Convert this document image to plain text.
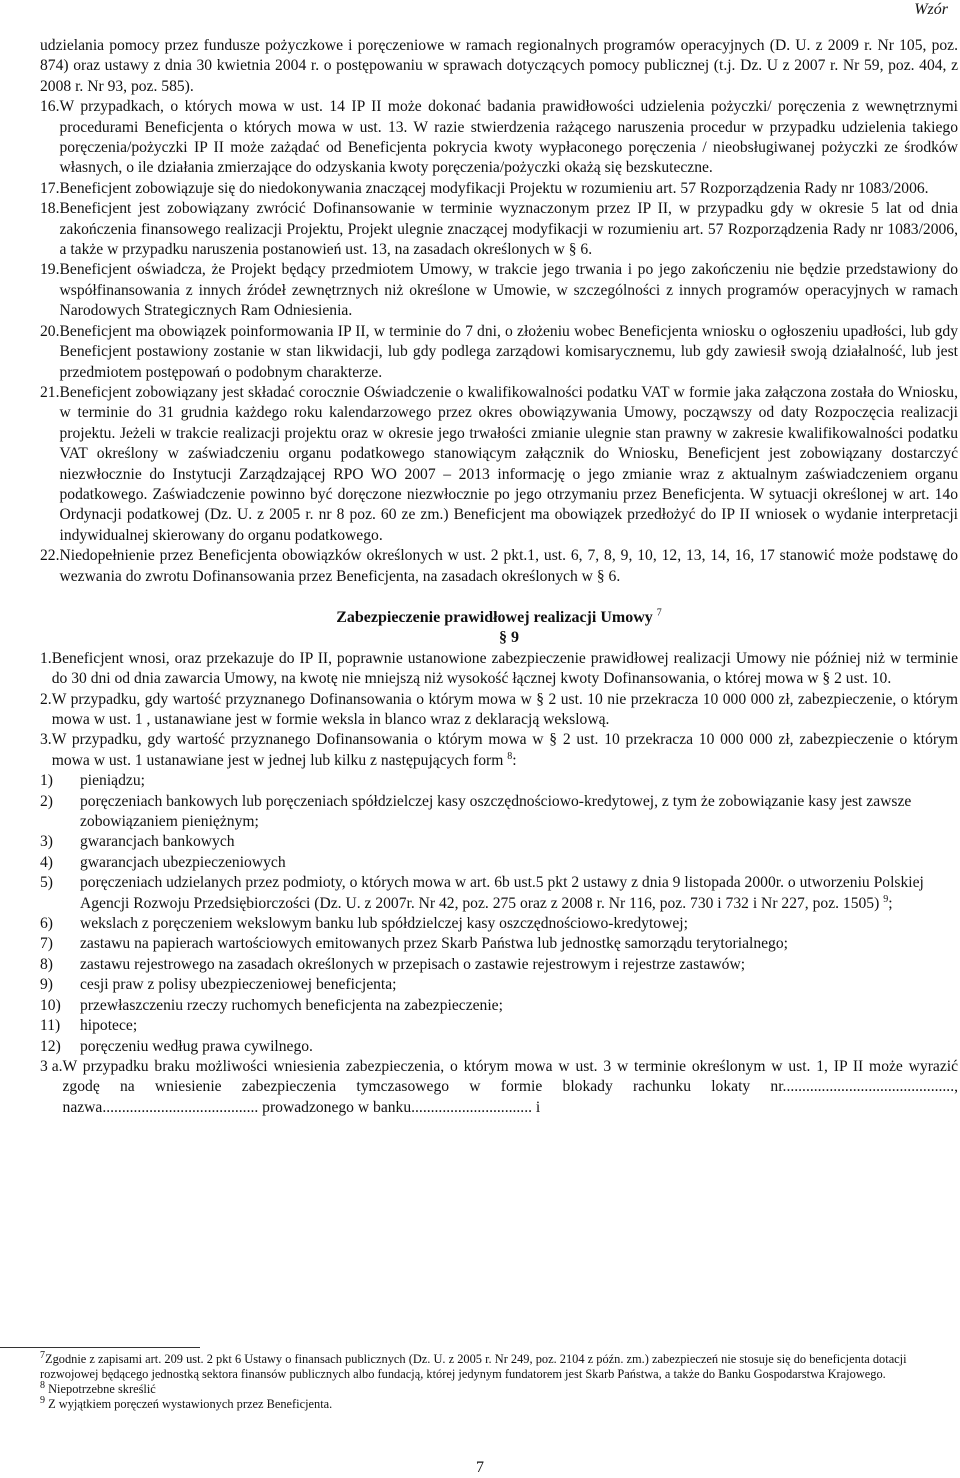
Wzór

udzielania pomocy przez fundusze pożyczkowe i poręczeniowe w ramach regionalnych programów operacyjnych (D. U. z 2009 r. Nr 105, poz. 874) oraz ustawy z dnia 30 kwietnia 2004 r. o postępowaniu w sprawach dotyczących pomocy publicznej (t.j. Dz. U z 2007 r. Nr 59, poz. 404, z 2008 r. Nr 93, poz. 585).

16. W przypadkach, o których mowa w ust. 14 IP II może dokonać badania prawidłowości udzielenia pożyczki/ poręczenia z wewnętrznymi procedurami Beneficjenta o których mowa w ust. 13. W razie stwierdzenia rażącego naruszenia procedur w przypadku udzielenia takiego poręczenia/pożyczki IP II może zażądać od Beneficjenta pokrycia kwoty wypłaconego poręczenia / nieobsługiwanej pożyczki ze środków własnych, o ile działania zmierzające do odzyskania kwoty poręczenia/pożyczki okażą się bezskuteczne.
17. Beneficjent zobowiązuje się do niedokonywania znaczącej modyfikacji Projektu w rozumieniu art. 57 Rozporządzenia Rady nr 1083/2006.
18. Beneficjent jest zobowiązany zwrócić Dofinansowanie w terminie wyznaczonym przez IP II, w przypadku gdy w okresie 5 lat od dnia zakończenia finansowego realizacji Projektu, Projekt ulegnie znaczącej modyfikacji w rozumieniu art. 57 Rozporządzenia Rady nr 1083/2006, a także w przypadku naruszenia postanowień ust. 13, na zasadach określonych w § 6.
19. Beneficjent oświadcza, że Projekt będący przedmiotem Umowy, w trakcie jego trwania i po jego zakończeniu nie będzie przedstawiony do współfinansowania z innych źródeł zewnętrznych niż określone w Umowie, w szczególności z innych programów operacyjnych w ramach Narodowych Strategicznych Ram Odniesienia.
20. Beneficjent ma obowiązek poinformowania IP II, w terminie do 7 dni, o złożeniu wobec Beneficjenta wniosku o ogłoszeniu upadłości, lub gdy Beneficjent postawiony zostanie w stan likwidacji, lub gdy podlega zarządowi komisarycznemu, lub gdy zawiesił swoją działalność, lub jest przedmiotem postępowań o podobnym charakterze.
21. Beneficjent zobowiązany jest składać corocznie Oświadczenie o kwalifikowalności podatku VAT w formie jaka załączona została do Wniosku, w terminie do 31 grudnia każdego roku kalendarzowego przez okres obowiązywania Umowy, począwszy od daty Rozpoczęcia realizacji projektu. Jeżeli w trakcie realizacji projektu oraz w okresie jego trwałości zmianie ulegnie stan prawny w zakresie kwalifikowalności podatku VAT określony w zaświadczeniu organu podatkowego stanowiącym załącznik do Wniosku, Beneficjent jest zobowiązany dostarczyć niezwłocznie do Instytucji Zarządzającej RPO WO 2007 – 2013 informację o jego zmianie wraz z aktualnym zaświadczeniem organu podatkowego. Zaświadczenie powinno być doręczone niezwłocznie po jego otrzymaniu przez Beneficjenta. W sytuacji określonej w art. 14o Ordynacji podatkowej (Dz. U. z 2005 r. nr 8 poz. 60 ze zm.) Beneficjent ma obowiązek przedłożyć do IP II wniosek o wydanie interpretacji indywidualnej skierowany do organu podatkowego.
22. Niedopełnienie przez Beneficjenta obowiązków określonych w ust. 2 pkt.1, ust. 6, 7, 8, 9, 10, 12, 13, 14, 16, 17 stanowić może podstawę do wezwania do zwrotu Dofinansowania przez Beneficjenta, na zasadach określonych w § 6.
Zabezpieczenie prawidłowej realizacji Umowy $^7$
§ 9
1. Beneficjent wnosi, oraz przekazuje do IP II, poprawnie ustanowione zabezpieczenie prawidłowej realizacji Umowy nie później niż w terminie do 30 dni od dnia zawarcia Umowy, na kwotę nie mniejszą niż wysokość łącznej kwoty Dofinansowania, o której mowa w § 2 ust. 10.
2. W przypadku, gdy wartość przyznanego Dofinansowania o którym mowa w § 2 ust. 10 nie przekracza 10 000 000 zł, zabezpieczenie, o którym mowa w ust. 1 , ustanawiane jest w formie weksla in blanco wraz z deklaracją wekslową.
3. W przypadku, gdy wartość przyznanego Dofinansowania o którym mowa w § 2 ust. 10 przekracza 10 000 000 zł, zabezpieczenie o którym mowa w ust. 1 ustanawiane jest w jednej lub kilku z następujących form $^8$:
1)	pieniądzu;
2)	poręczeniach bankowych lub poręczeniach spółdzielczej kasy oszczędnościowo-kredytowej, z tym że zobowiązanie kasy jest zawsze zobowiązaniem pieniężnym;
3)	gwarancjach bankowych
4)	gwarancjach ubezpieczeniowych
5)	poręczeniach udzielanych przez podmioty, o których mowa w art. 6b ust.5 pkt 2 ustawy z dnia 9 listopada 2000r. o utworzeniu Polskiej Agencji Rozwoju Przedsiębiorczości (Dz. U. z 2007r. Nr 42, poz. 275 oraz z 2008 r. Nr 116, poz. 730 i 732 i Nr 227, poz. 1505) $^9$;
6)	wekslach z poręczeniem wekslowym banku lub spółdzielczej kasy oszczędnościowo-kredytowej;
7)	zastawu na papierach wartościowych emitowanych przez Skarb Państwa lub jednostkę samorządu terytorialnego;
8)	zastawu rejestrowego na zasadach określonych w przepisach o zastawie rejestrowym i rejestrze zastawów;
9)	cesji praw z polisy ubezpieczeniowej beneficjenta;
10)	przewłaszczeniu rzeczy ruchomych beneficjenta na zabezpieczenie;
11)	hipotece;
12)	poręczeniu według prawa cywilnego.
3 a. W przypadku braku możliwości wniesienia zabezpieczenia, o którym mowa w ust. 3 w terminie określonym w ust. 1, IP II może wyrazić zgodę na wniesienie zabezpieczenia tymczasowego w formie blokady rachunku lokaty nr............................................, nazwa........................................ prowadzonego w banku............................... i
$^7$Zgodnie z zapisami art. 209 ust. 2 pkt 6 Ustawy o finansach publicznych (Dz. U. z 2005 r. Nr 249, poz. 2104 z późn. zm.) zabezpieczeń nie stosuje się do beneficjenta dotacji rozwojowej będącego jednostką sektora finansów publicznych albo fundacją, której jedynym fundatorem jest Skarb Państwa, a także do Banku Gospodarstwa Krajowego.
$^8$ Niepotrzebne skreślić
$^9$ Z wyjątkiem poręczeń wystawionych przez Beneficjenta.
7
